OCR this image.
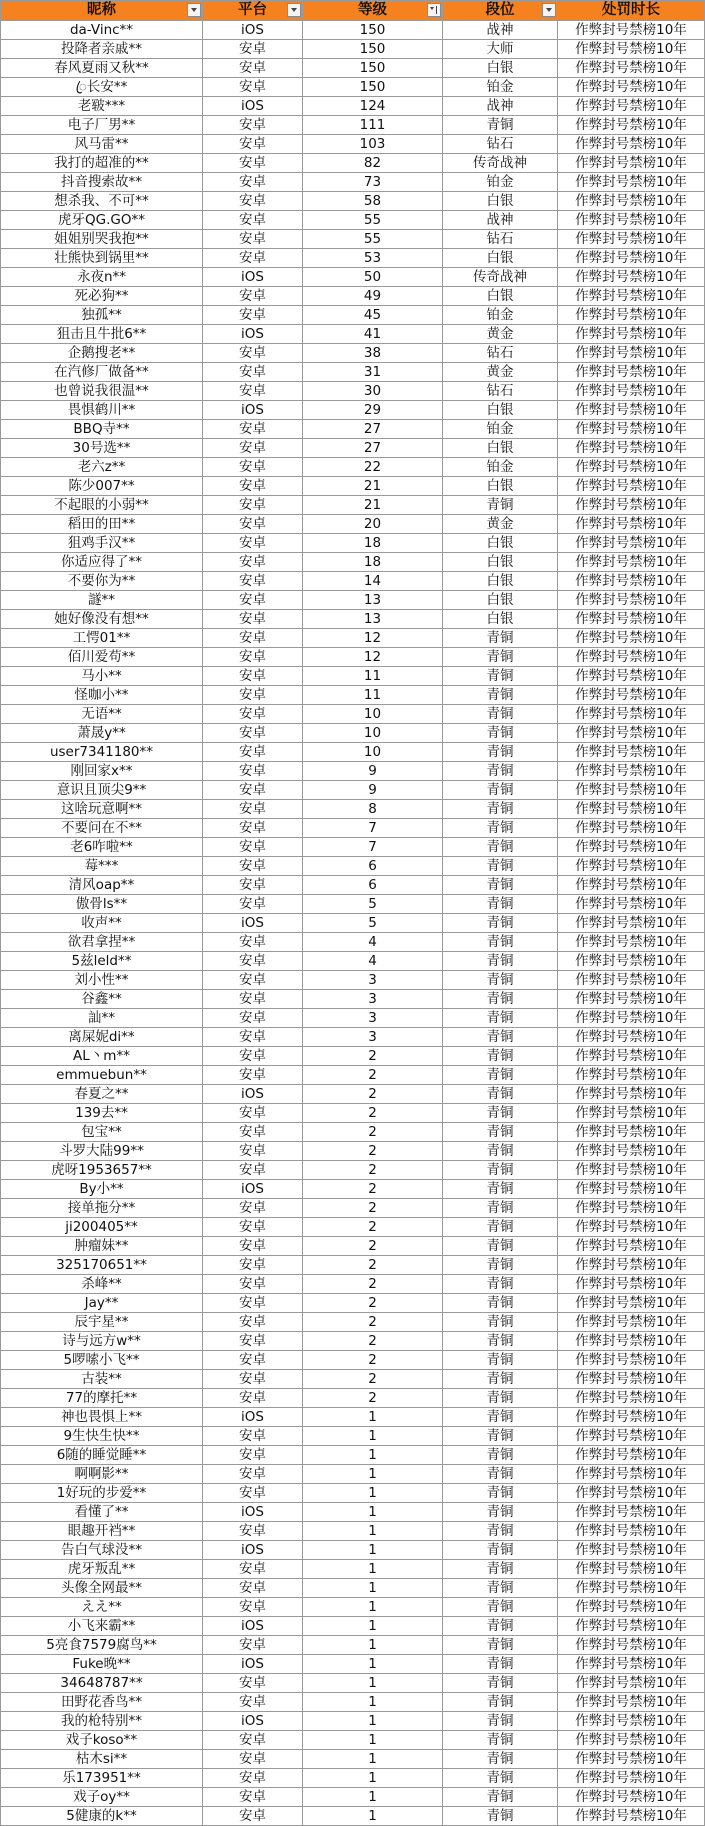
昵称	平台	等级	段位	处罚时长
da-Vinc**	iOS	150	战神	作弊封号禁榜10年
投降者亲戚**	安卓	150	大师	作弊封号禁榜10年
春风夏雨又秋**	安卓	150	白银	作弊封号禁榜10年
ꦿ长安**	安卓	150	铂金	作弊封号禁榜10年
老皲***	iOS	124	战神	作弊封号禁榜10年
电子厂男**	安卓	111	青铜	作弊封号禁榜10年
风马雷**	安卓	103	钻石	作弊封号禁榜10年
我打的超准的**	安卓	82	传奇战神	作弊封号禁榜10年
抖音搜索故**	安卓	73	铂金	作弊封号禁榜10年
想杀我、不可**	安卓	58	白银	作弊封号禁榜10年
虎牙QG.GO**	安卓	55	战神	作弊封号禁榜10年
姐姐别哭我抱**	安卓	55	钻石	作弊封号禁榜10年
壮熊快到锅里**	安卓	53	白银	作弊封号禁榜10年
永夜n**	iOS	50	传奇战神	作弊封号禁榜10年
死必狗**	安卓	49	白银	作弊封号禁榜10年
独孤**	安卓	45	铂金	作弊封号禁榜10年
狙击且牛批6**	iOS	41	黄金	作弊封号禁榜10年
企鹅搜老**	安卓	38	钻石	作弊封号禁榜10年
在汽修厂做备**	安卓	31	黄金	作弊封号禁榜10年
也曾说我很温**	安卓	30	钻石	作弊封号禁榜10年
畏惧鹤川**	iOS	29	白银	作弊封号禁榜10年
BBQ寺**	安卓	27	铂金	作弊封号禁榜10年
30号选**	安卓	27	白银	作弊封号禁榜10年
老六z**	安卓	22	铂金	作弊封号禁榜10年
陈少007**	安卓	21	白银	作弊封号禁榜10年
不起眼的小弱**	安卓	21	青铜	作弊封号禁榜10年
稻田的田**	安卓	20	黄金	作弊封号禁榜10年
狙鸡手汉**	安卓	18	白银	作弊封号禁榜10年
你适应得了**	安卓	18	白银	作弊封号禁榜10年
不要你为**	安卓	14	白银	作弊封号禁榜10年
譢**	安卓	13	白银	作弊封号禁榜10年
她好像没有想**	安卓	13	白银	作弊封号禁榜10年
工愕01**	安卓	12	青铜	作弊封号禁榜10年
佰川爱苟**	安卓	12	青铜	作弊封号禁榜10年
马小**	安卓	11	青铜	作弊封号禁榜10年
怪咖小**	安卓	11	青铜	作弊封号禁榜10年
无语**	安卓	10	青铜	作弊封号禁榜10年
萧晟y**	安卓	10	青铜	作弊封号禁榜10年
user7341180**	安卓	10	青铜	作弊封号禁榜10年
刚回家x**	安卓	9	青铜	作弊封号禁榜10年
意识且顶尖9**	安卓	9	青铜	作弊封号禁榜10年
这啥玩意啊**	安卓	8	青铜	作弊封号禁榜10年
不要问在不**	安卓	7	青铜	作弊封号禁榜10年
老6咋啦**	安卓	7	青铜	作弊封号禁榜10年
莓***	安卓	6	青铜	作弊封号禁榜10年
清风oap**	安卓	6	青铜	作弊封号禁榜10年
傲骨ls**	安卓	5	青铜	作弊封号禁榜10年
收声**	iOS	5	青铜	作弊封号禁榜10年
欲君拿捏**	安卓	4	青铜	作弊封号禁榜10年
5兹leld**	安卓	4	青铜	作弊封号禁榜10年
刘小性**	安卓	3	青铜	作弊封号禁榜10年
谷鑫**	安卓	3	青铜	作弊封号禁榜10年
訕**	安卓	3	青铜	作弊封号禁榜10年
离屎妮di**	安卓	3	青铜	作弊封号禁榜10年
AL丶m**	安卓	2	青铜	作弊封号禁榜10年
emmuebun**	安卓	2	青铜	作弊封号禁榜10年
春夏之**	iOS	2	青铜	作弊封号禁榜10年
139去**	安卓	2	青铜	作弊封号禁榜10年
包宝**	安卓	2	青铜	作弊封号禁榜10年
斗罗大陆99**	安卓	2	青铜	作弊封号禁榜10年
虎呀1953657**	安卓	2	青铜	作弊封号禁榜10年
By小**	iOS	2	青铜	作弊封号禁榜10年
接单拖分**	安卓	2	青铜	作弊封号禁榜10年
ji200405**	安卓	2	青铜	作弊封号禁榜10年
肿瘤妹**	安卓	2	青铜	作弊封号禁榜10年
325170651**	安卓	2	青铜	作弊封号禁榜10年
杀峰**	安卓	2	青铜	作弊封号禁榜10年
Jay**	安卓	2	青铜	作弊封号禁榜10年
辰宇星**	安卓	2	青铜	作弊封号禁榜10年
诗与远方w**	安卓	2	青铜	作弊封号禁榜10年
5啰嗦小飞**	安卓	2	青铜	作弊封号禁榜10年
古装**	安卓	2	青铜	作弊封号禁榜10年
77的摩托**	安卓	2	青铜	作弊封号禁榜10年
神也畏惧上**	iOS	1	青铜	作弊封号禁榜10年
9生快生快**	安卓	1	青铜	作弊封号禁榜10年
6随的睡觉睡**	安卓	1	青铜	作弊封号禁榜10年
啊啊影**	安卓	1	青铜	作弊封号禁榜10年
1好玩的步爱**	安卓	1	青铜	作弊封号禁榜10年
看懂了**	iOS	1	青铜	作弊封号禁榜10年
眼趣开裆**	安卓	1	青铜	作弊封号禁榜10年
告白气球没**	iOS	1	青铜	作弊封号禁榜10年
虎牙叛乱**	安卓	1	青铜	作弊封号禁榜10年
头像全网最**	安卓	1	青铜	作弊封号禁榜10年
ええ**	安卓	1	青铜	作弊封号禁榜10年
小飞来霸**	iOS	1	青铜	作弊封号禁榜10年
5亮食7579腐鸟**	安卓	1	青铜	作弊封号禁榜10年
Fuke晚**	iOS	1	青铜	作弊封号禁榜10年
34648787**	安卓	1	青铜	作弊封号禁榜10年
田野花香鸟**	安卓	1	青铜	作弊封号禁榜10年
我的枪特别**	iOS	1	青铜	作弊封号禁榜10年
戏子koso**	安卓	1	青铜	作弊封号禁榜10年
枯木si**	安卓	1	青铜	作弊封号禁榜10年
乐173951**	安卓	1	青铜	作弊封号禁榜10年
戏子oy**	安卓	1	青铜	作弊封号禁榜10年
5健康的k**	安卓	1	青铜	作弊封号禁榜10年
